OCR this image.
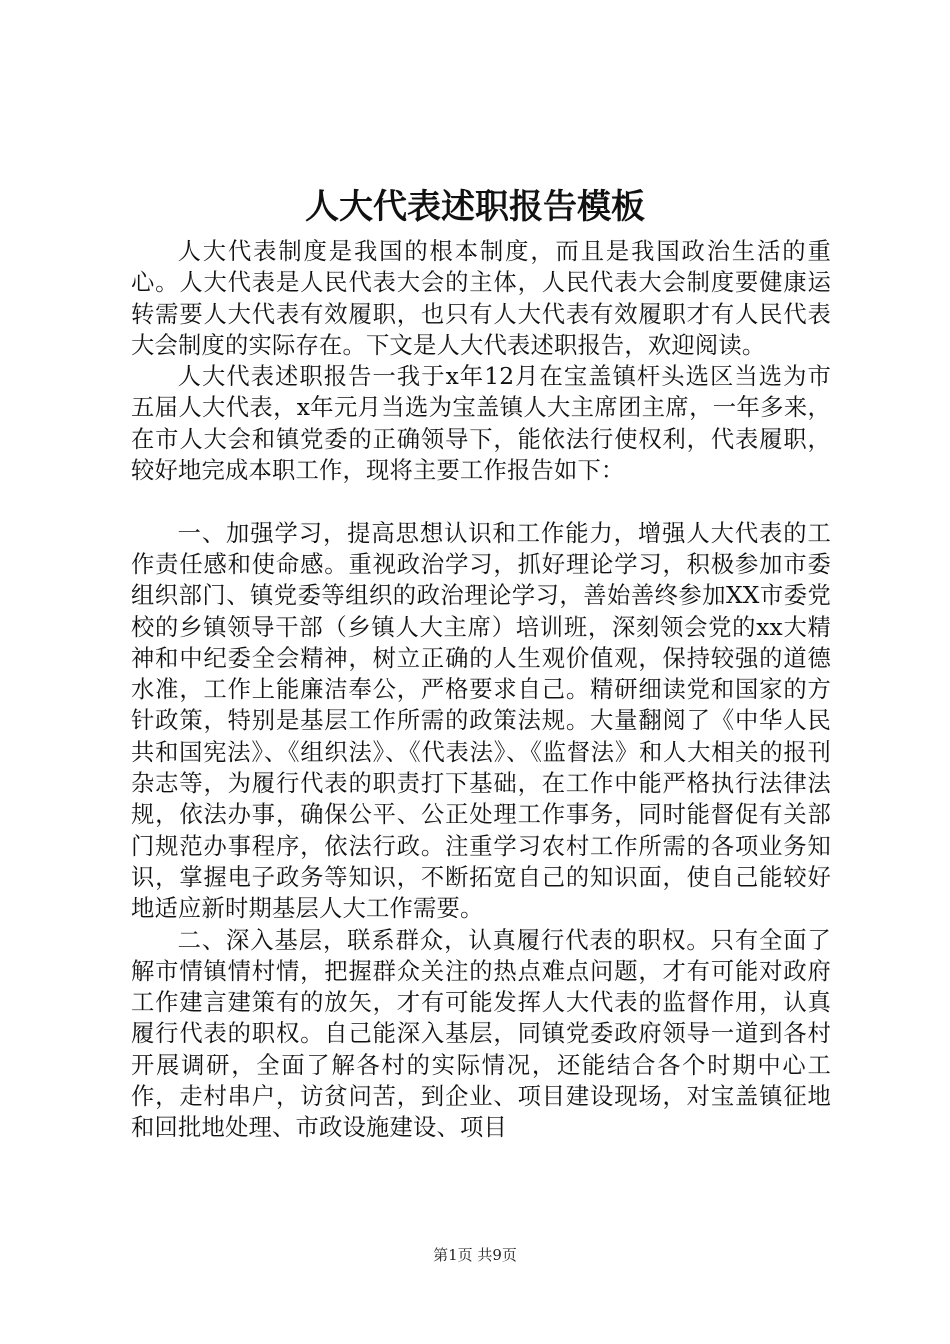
人大代表述职报告模板

人大代表制度是我国的根本制度，而且是我国政治生活的重心。人大代表是人民代表大会的主体，人民代表大会制度要健康运转需要人大代表有效履职，也只有人大代表有效履职才有人民代表大会制度的实际存在。下文是人大代表述职报告，欢迎阅读。

人大代表述职报告一我于x年12月在宝盖镇杆头选区当选为市五届人大代表，x年元月当选为宝盖镇人大主席团主席，一年多来，在市人大会和镇党委的正确领导下，能依法行使权利，代表履职，较好地完成本职工作，现将主要工作报告如下：

一、加强学习，提高思想认识和工作能力，增强人大代表的工作责任感和使命感。重视政治学习，抓好理论学习，积极参加市委组织部门、镇党委等组织的政治理论学习，善始善终参加XX市委党校的乡镇领导干部（乡镇人大主席）培训班，深刻领会党的xx大精神和中纪委全会精神，树立正确的人生观价值观，保持较强的道德水准，工作上能廉洁奉公，严格要求自己。精研细读党和国家的方针政策，特别是基层工作所需的政策法规。大量翻阅了《中华人民共和国宪法》、《组织法》、《代表法》、《监督法》和人大相关的报刊杂志等，为履行代表的职责打下基础，在工作中能严格执行法律法规，依法办事，确保公平、公正处理工作事务，同时能督促有关部门规范办事程序，依法行政。注重学习农村工作所需的各项业务知识，掌握电子政务等知识，不断拓宽自己的知识面，使自己能较好地适应新时期基层人大工作需要。

二、深入基层，联系群众，认真履行代表的职权。只有全面了解市情镇情村情，把握群众关注的热点难点问题，才有可能对政府工作建言建策有的放矢，才有可能发挥人大代表的监督作用，认真履行代表的职权。自己能深入基层，同镇党委政府领导一道到各村开展调研，全面了解各村的实际情况，还能结合各个时期中心工作，走村串户，访贫问苦，到企业、项目建设现场，对宝盖镇征地和回批地处理、市政设施建设、项目

第1页 共9页
